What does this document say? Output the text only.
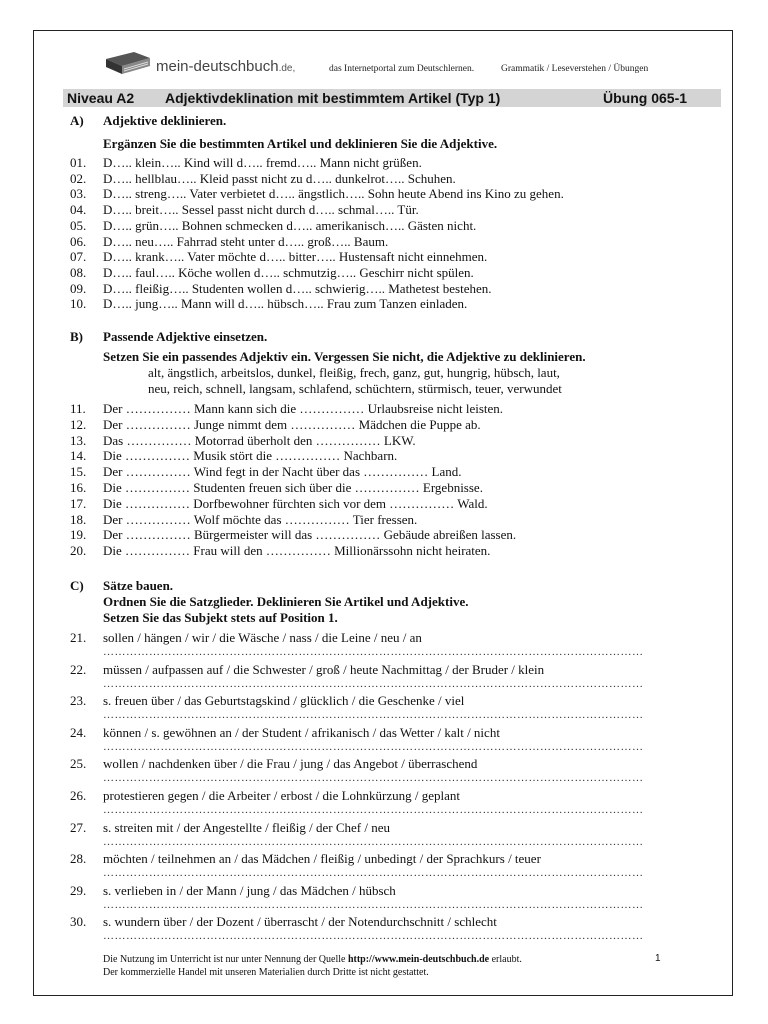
mein-deutschbuch.de,	das Internetportal zum Deutschlernen.	Grammatik / Leseverstehen / Übungen
Niveau A2 Adjektivdeklination mit bestimmtem Artikel (Typ 1)	Übung 065-1
A) Adjektive deklinieren.
Ergänzen Sie die bestimmten Artikel und deklinieren Sie die Adjektive.
01.	D….. klein….. Kind will d….. fremd….. Mann nicht grüßen.
02.	D….. hellblau….. Kleid passt nicht zu d….. dunkelrot….. Schuhen.
03.	D….. streng….. Vater verbietet d….. ängstlich….. Sohn heute Abend ins Kino zu gehen.
04.	D….. breit….. Sessel passt nicht durch d….. schmal….. Tür.
05.	D….. grün….. Bohnen schmecken d….. amerikanisch….. Gästen nicht.
06.	D….. neu….. Fahrrad steht unter d….. groß….. Baum.
07.	D….. krank….. Vater möchte d….. bitter….. Hustensaft nicht einnehmen.
08.	D….. faul….. Köche wollen d….. schmutzig….. Geschirr nicht spülen.
09.	D….. fleißig….. Studenten wollen d….. schwierig….. Mathetest bestehen.
10.	D….. jung….. Mann will d….. hübsch….. Frau zum Tanzen einladen.
B) Passende Adjektive einsetzen.
Setzen Sie ein passendes Adjektiv ein. Vergessen Sie nicht, die Adjektive zu deklinieren.
alt, ängstlich, arbeitslos, dunkel, fleißig, frech, ganz, gut, hungrig, hübsch, laut,
neu, reich, schnell, langsam, schlafend, schüchtern, stürmisch, teuer, verwundet
11.	Der …………… Mann kann sich die …………… Urlaubsreise nicht leisten.
12.	Der …………… Junge nimmt dem …………… Mädchen die Puppe ab.
13.	Das …………… Motorrad überholt den …………… LKW.
14.	Die …………… Musik stört die …………… Nachbarn.
15.	Der …………… Wind fegt in der Nacht über das …………… Land.
16.	Die …………… Studenten freuen sich über die …………… Ergebnisse.
17.	Die …………… Dorfbewohner fürchten sich vor dem …………… Wald.
18.	Der …………… Wolf möchte das …………… Tier fressen.
19.	Der …………… Bürgermeister will das …………… Gebäude abreißen lassen.
20.	Die …………… Frau will den …………… Millionärssohn nicht heiraten.
C) Sätze bauen.
Ordnen Sie die Satzglieder. Deklinieren Sie Artikel und Adjektive.
Setzen Sie das Subjekt stets auf Position 1.
21. sollen / hängen / wir / die Wäsche / nass / die Leine / neu / an
……………………………………………………………………………………………………………………………
22. müssen / aufpassen auf / die Schwester / groß / heute Nachmittag / der Bruder / klein
……………………………………………………………………………………………………………………………
23. s. freuen über / das Geburtstagskind / glücklich / die Geschenke / viel
……………………………………………………………………………………………………………………………
24. können / s. gewöhnen an / der Student / afrikanisch / das Wetter / kalt / nicht
……………………………………………………………………………………………………………………………
25. wollen / nachdenken über / die Frau / jung / das Angebot / überraschend
……………………………………………………………………………………………………………………………
26. protestieren gegen / die Arbeiter / erbost / die Lohnkürzung / geplant
……………………………………………………………………………………………………………………………
27. s. streiten mit / der Angestellte / fleißig / der Chef / neu
……………………………………………………………………………………………………………………………
28. möchten / teilnehmen an / das Mädchen / fleißig / unbedingt / der Sprachkurs / teuer
……………………………………………………………………………………………………………………………
29. s. verlieben in / der Mann / jung / das Mädchen / hübsch
……………………………………………………………………………………………………………………………
30. s. wundern über / der Dozent / überrascht / der Notendurchschnitt / schlecht
……………………………………………………………………………………………………………………………
Die Nutzung im Unterricht ist nur unter Nennung der Quelle http://www.mein-deutschbuch.de erlaubt.
Der kommerzielle Handel mit unseren Materialien durch Dritte ist nicht gestattet.
1
